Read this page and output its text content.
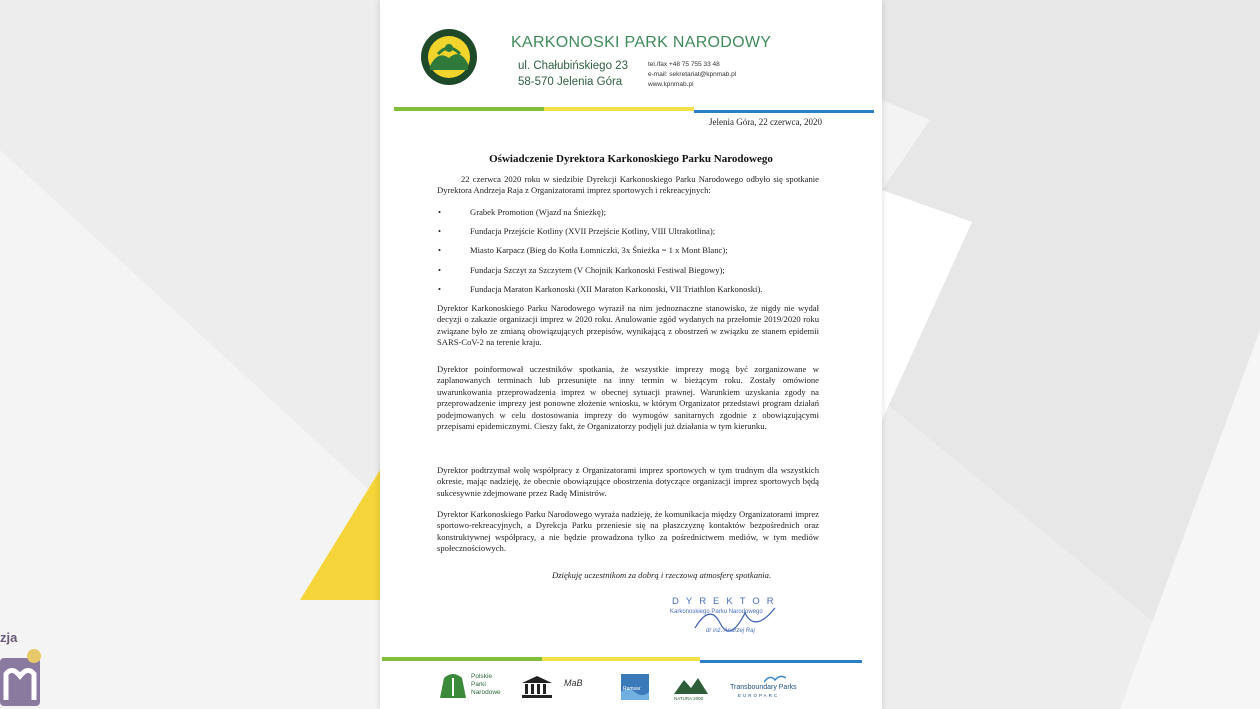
zja
KARKONOSKI PARK NARODOWY
ul. Chałubińskiego 23
58-570 Jelenia Góra
tel./fax +48 75 755 33 48
e-mail: sekretariat@kpnmab.pl
www.kpnmab.pl
Jelenia Góra, 22 czerwca, 2020
Oświadczenie Dyrektora Karkonoskiego Parku Narodowego
22 czerwca 2020 roku w siedzibie Dyrekcji Karkonoskiego Parku Narodowego odbyło się spotkanie Dyrektora Andrzeja Raja z Organizatorami imprez sportowych i rekreacyjnych:
•	Grabek Promotion (Wjazd na Śnieżkę);
•	Fundacja Przejście Kotliny (XVII Przejście Kotliny, VIII Ultrakotlina);
•	Miasto Karpacz (Bieg do Kotła Łomniczki, 3x Śnieżka = 1 x Mont Blanc);
•	Fundacja Szczyt za Szczytem (V Chojnik Karkonoski Festiwal Biegowy);
•	Fundacja Maraton Karkonoski (XII Maraton Karkonoski, VII Triathlon Karkonoski).
Dyrektor Karkonoskiego Parku Narodowego wyraził na nim jednoznaczne stanowisko, że nigdy nie wydał decyzji o zakazie organizacji imprez w 2020 roku. Anulowanie zgód wydanych na przełomie 2019/2020 roku związane było ze zmianą obowiązujących przepisów, wynikającą z obostrzeń w związku ze stanem epidemii SARS-CoV-2 na terenie kraju.
Dyrektor poinformował uczestników spotkania, że wszystkie imprezy mogą być zorganizowane w zaplanowanych terminach lub przesunięte na inny termin w bieżącym roku. Zostały omówione uwarunkowania przeprowadzenia imprez w obecnej sytuacji prawnej. Warunkiem uzyskania zgody na przeprowadzenie imprezy jest ponowne złożenie wniosku, w którym Organizator przedstawi program działań podejmowanych w celu dostosowania imprezy do wymogów sanitarnych zgodnie z obowiązującymi przepisami epidemicznymi. Cieszy fakt, że Organizatorzy podjęli już działania w tym kierunku.
Dyrektor podtrzymał wolę współpracy z Organizatorami imprez sportowych w tym trudnym dla wszystkich okresie, mając nadzieję, że obecnie obowiązujące obostrzenia dotyczące organizacji imprez sportowych będą sukcesywnie zdejmowane przez Radę Ministrów.
Dyrektor Karkonoskiego Parku Narodowego wyraża nadzieję, że komunikacja między Organizatorami imprez sportowo-rekreacyjnych, a Dyrekcja Parku przeniesie się na płaszczyznę kontaktów bezpośrednich oraz konstruktywnej współpracy, a nie będzie prowadzona tylko za pośrednictwem mediów, w tym mediów społecznościowych.
Dziękuję uczestnikom za dobrą i rzeczową atmosferę spotkania.
DYREKTOR
Karkonoskiego Parku Narodowego
dr inż. Andrzej Raj
Polskie
Parki
Narodowe
MaB
Ramsar
NATURA 2000
Transboundary Parks
EUROPARC
